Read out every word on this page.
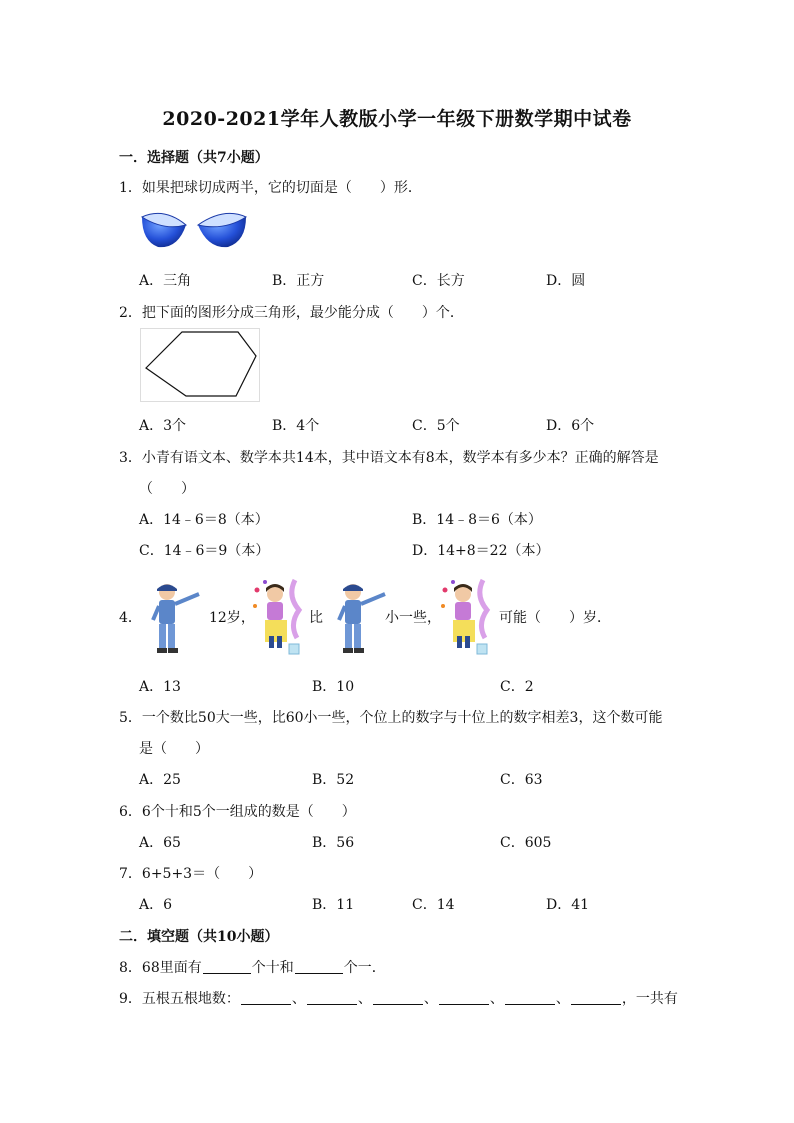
2020-2021学年人教版小学一年级下册数学期中试卷
一．选择题（共7小题）
1．如果把球切成两半，它的切面是（　　）形．
A．三角	B．正方	C．长方	D．圆
2．把下面的图形分成三角形，最少能分成（　　）个．
A．3个	B．4个	C．5个	D．6个
3．小青有语文本、数学本共14本，其中语文本有8本，数学本有多少本？正确的解答是
（　　）
A．14﹣6＝8（本）	B．14﹣8＝6（本）
C．14﹣6＝9（本）	D．14+8＝22（本）
4．	12岁，	比	小一些，	可能（　　）岁．
A．13	B．10	C．2
5．一个数比50大一些，比60小一些，个位上的数字与十位上的数字相差3，这个数可能
是（　　）
A．25	B．52	C．63
6．6个十和5个一组成的数是（　　）
A．65	B．56	C．605
7．6+5+3＝（　　）
A．6	B．11	C．14	D．41
二．填空题（共10小题）
8．68里面有	个十和	个一．
9．五根五根地数：	、	、	、	、	、	，一共有
